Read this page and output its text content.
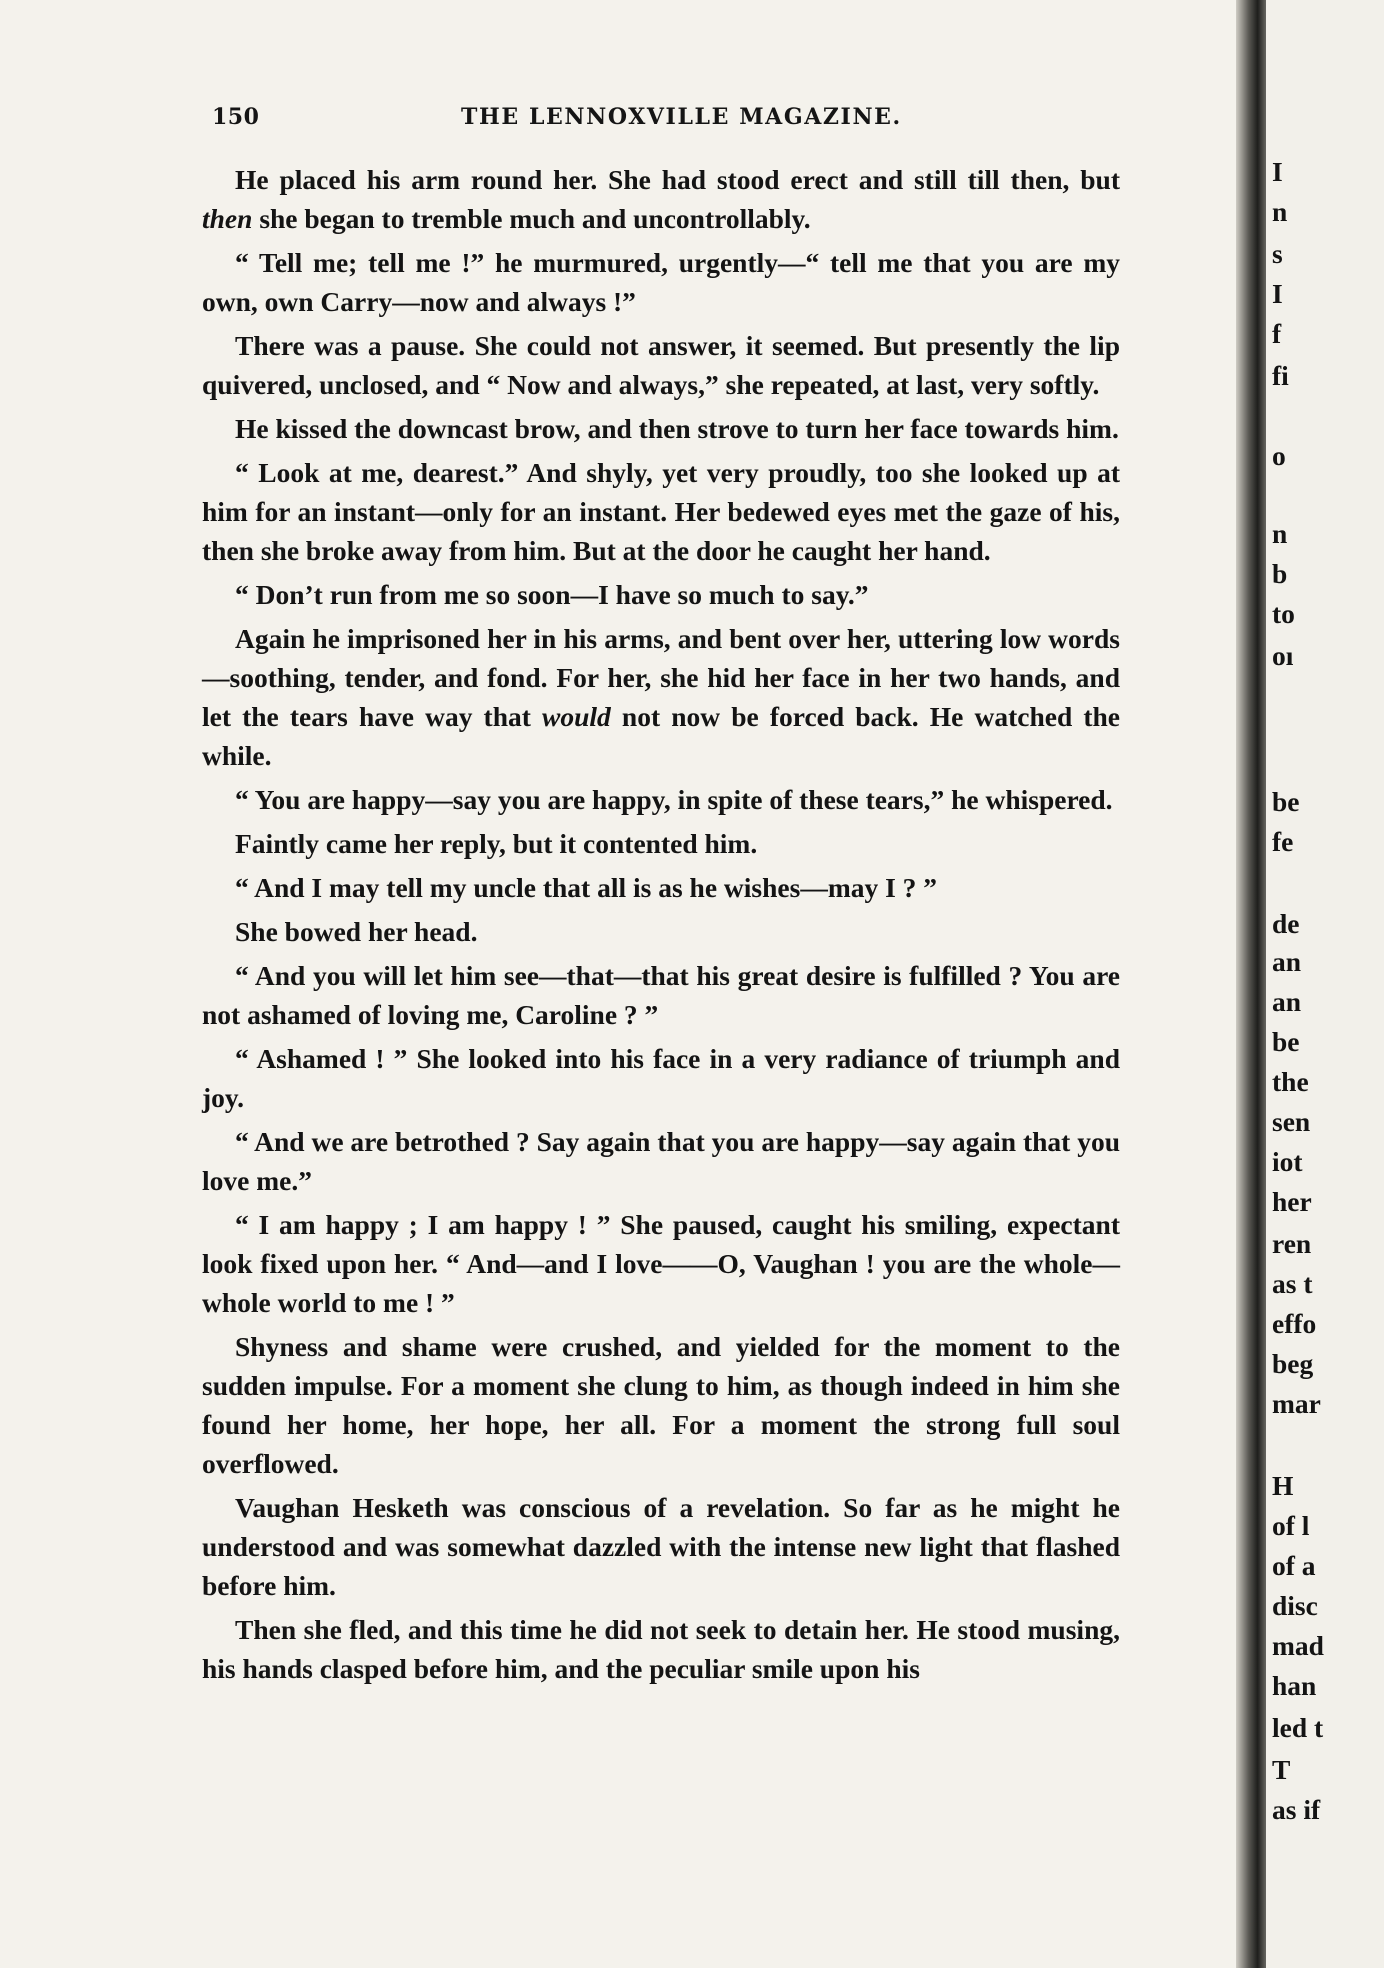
150	THE LENNOXVILLE MAGAZINE.

He placed his arm round her. She had stood erect and still till then, but then she began to tremble much and uncontrollably.

“ Tell me; tell me !” he murmured, urgently—“ tell me that you are my own, own Carry—now and always !”

There was a pause. She could not answer, it seemed. But presently the lip quivered, unclosed, and “ Now and always,” she repeated, at last, very softly.

He kissed the downcast brow, and then strove to turn her face towards him.

“ Look at me, dearest.” And shyly, yet very proudly, too she looked up at him for an instant—only for an instant. Her bedewed eyes met the gaze of his, then she broke away from him. But at the door he caught her hand.

“ Don’t run from me so soon—I have so much to say.”

Again he imprisoned her in his arms, and bent over her, uttering low words—soothing, tender, and fond. For her, she hid her face in her two hands, and let the tears have way that would not now be forced back. He watched the while.

“ You are happy—say you are happy, in spite of these tears,” he whispered.

Faintly came her reply, but it contented him.

“ And I may tell my uncle that all is as he wishes—may I ? ”

She bowed her head.

“ And you will let him see—that—that his great desire is fulfilled ? You are not ashamed of loving me, Caroline ? ”

“ Ashamed ! ” She looked into his face in a very radiance of triumph and joy.

“ And we are betrothed ? Say again that you are happy—say again that you love me.”

“ I am happy ; I am happy ! ” She paused, caught his smiling, expectant look fixed upon her. “ And—and I love——O, Vaughan ! you are the whole—whole world to me ! ”

Shyness and shame were crushed, and yielded for the moment to the sudden impulse. For a moment she clung to him, as though indeed in him she found her home, her hope, her all. For a moment the strong full soul overflowed.

Vaughan Hesketh was conscious of a revelation. So far as he might he understood and was somewhat dazzled with the intense new light that flashed before him.

Then she fled, and this time he did not seek to detain her. He stood musing, his hands clasped before him, and the peculiar smile upon his

I
n
s
I
f
fi
o
n
b
to
oı
be
fe
de
an
an
be
the
sen
iot
her
ren
as t
effo
beg
mar
H
of l
of a
disc
mad
han
led t
T
as if
